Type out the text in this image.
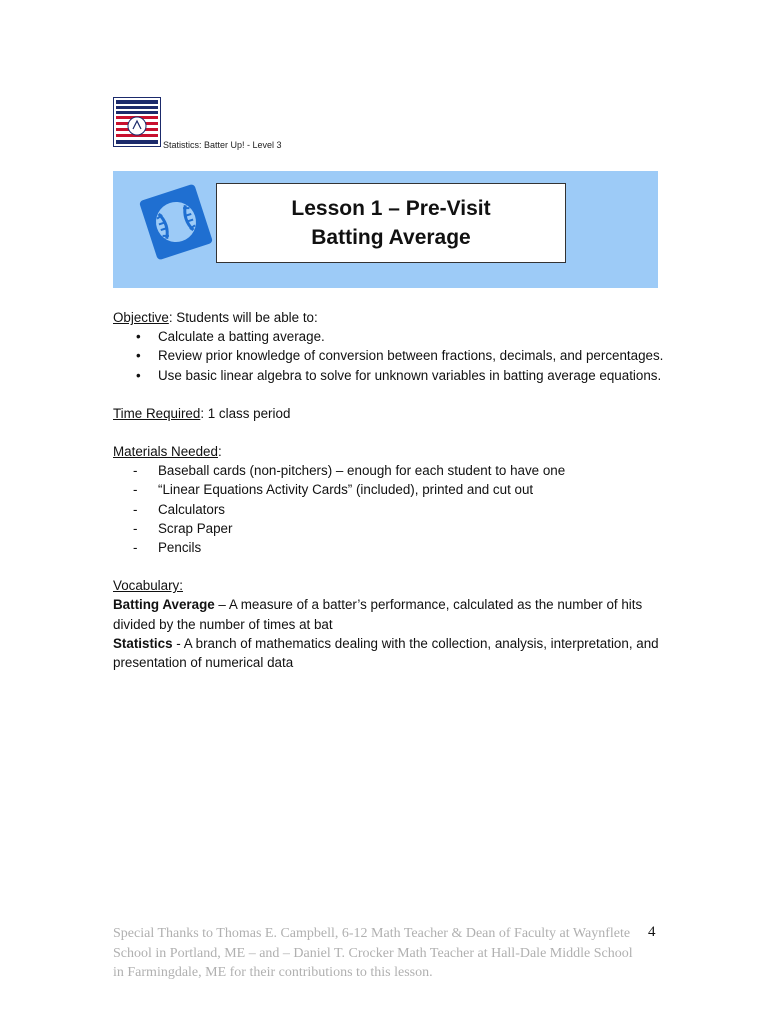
Statistics: Batter Up! - Level 3
Lesson 1 – Pre-Visit
Batting Average
Objective: Students will be able to:
• Calculate a batting average.
• Review prior knowledge of conversion between fractions, decimals, and percentages.
• Use basic linear algebra to solve for unknown variables in batting average equations.
Time Required: 1 class period
Materials Needed:
- Baseball cards (non-pitchers) – enough for each student to have one
- “Linear Equations Activity Cards” (included), printed and cut out
- Calculators
- Scrap Paper
- Pencils
Vocabulary:
Batting Average – A measure of a batter’s performance, calculated as the number of hits divided by the number of times at bat
Statistics - A branch of mathematics dealing with the collection, analysis, interpretation, and presentation of numerical data
Special Thanks to Thomas E. Campbell, 6-12 Math Teacher & Dean of Faculty at Waynflete School in Portland, ME – and – Daniel T. Crocker Math Teacher at Hall-Dale Middle School in Farmingdale, ME for their contributions to this lesson.
4
